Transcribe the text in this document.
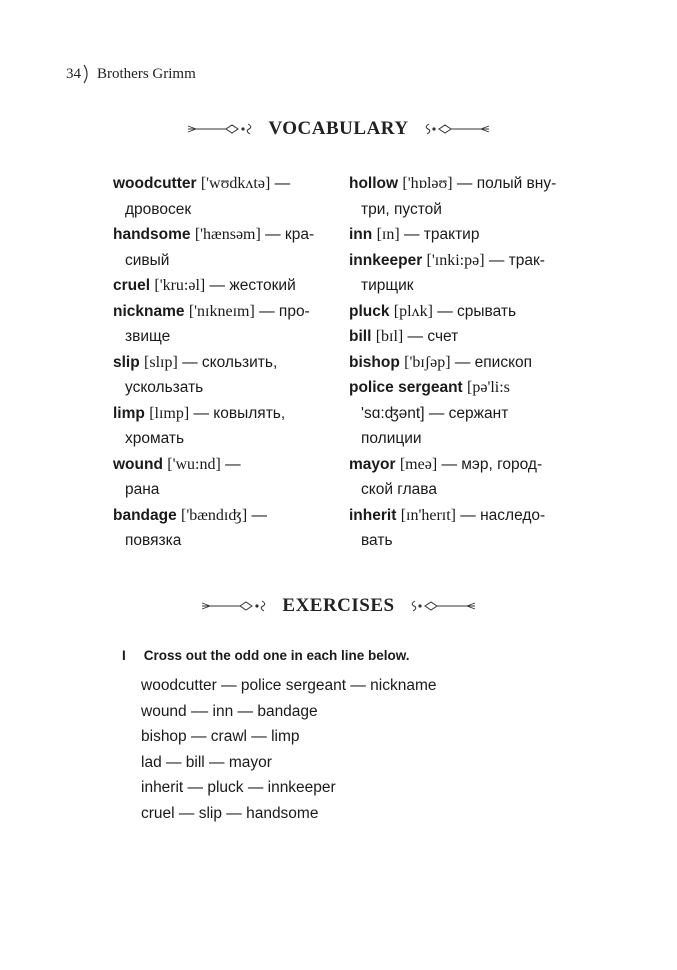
34 Brothers Grimm
VOCABULARY
woodcutter ['wʊdkʌtə] —
дровосек
handsome ['hænsəm] — кра-
сивый
cruel ['kru:əl] — жестокий
nickname ['nɪkneɪm] — про-
звище
slip [slɪp] — скользить,
ускользать
limp [lɪmp] — ковылять,
хромать
wound ['wu:nd] —
рана
bandage ['bændɪʤ] —
повязка
hollow ['hɒləʊ] — полый вну-
три, пустой
inn [ɪn] — трактир
innkeeper ['ɪnki:pə] — трак-
тирщик
pluck [plʌk] — срывать
bill [bɪl] — счет
bishop ['bɪʃəp] — епископ
police sergeant [pə'li:s
'sɑ:ʤənt] — сержант
полиции
mayor [meə] — мэр, город-
ской глава
inherit [ɪn'herɪt] — наследо-
вать
EXERCISES
I Cross out the odd one in each line below.
woodcutter — police sergeant — nickname
wound –– inn — bandage
bishop — crawl — limp
lad — bill — mayor
inherit — pluck — innkeeper
cruel — slip — handsome
